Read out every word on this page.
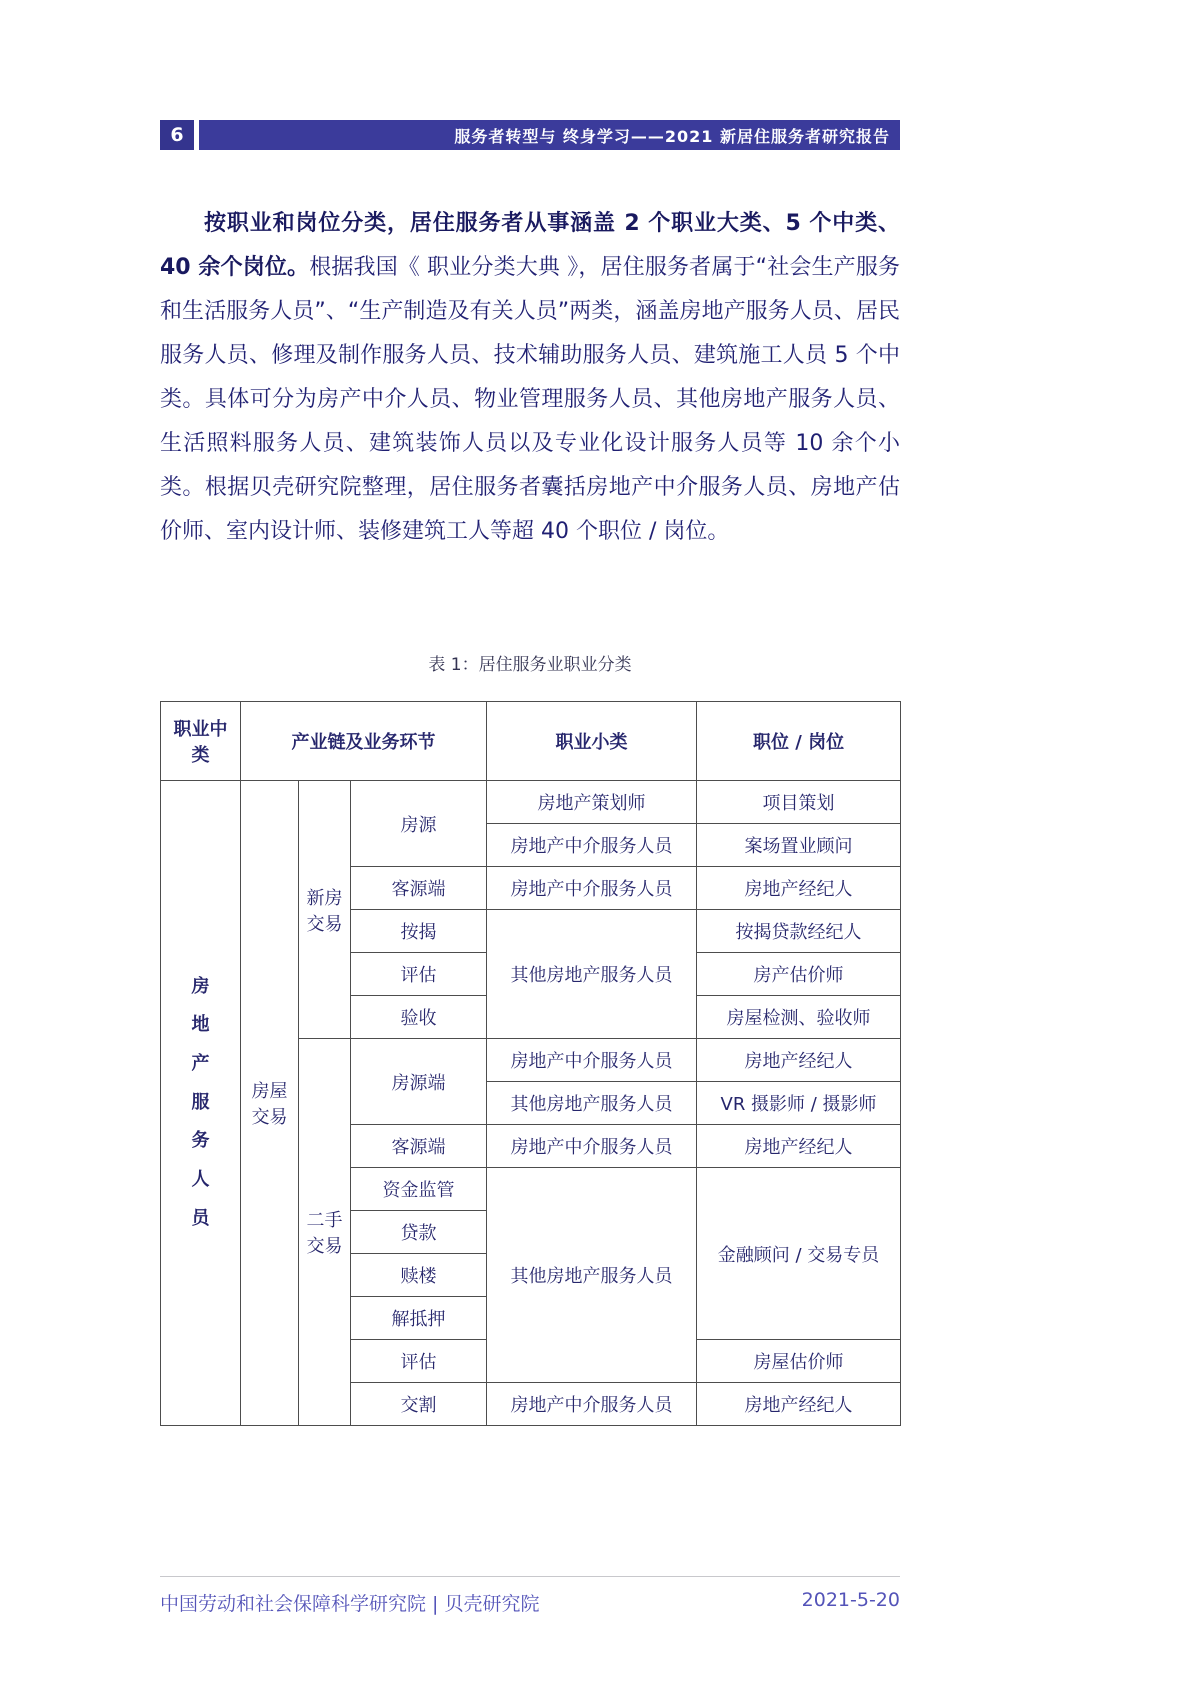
6	服务者转型与 终身学习——2021 新居住服务者研究报告

按职业和岗位分类，居住服务者从事涵盖 2 个职业大类、5 个中类、40 余个岗位。根据我国《 职业分类大典 》，居住服务者属于“社会生产服务和生活服务人员”、“生产制造及有关人员”两类，涵盖房地产服务人员、居民服务人员、修理及制作服务人员、技术辅助服务人员、建筑施工人员 5 个中类。具体可分为房产中介人员、物业管理服务人员、其他房地产服务人员、生活照料服务人员、建筑装饰人员以及专业化设计服务人员等 10 余个小类。根据贝壳研究院整理，居住服务者囊括房地产中介服务人员、房地产估价师、室内设计师、装修建筑工人等超 40 个职位 / 岗位。

表 1：居住服务业职业分类
职业中类	产业链及业务环节			职业小类	职位 / 岗位

房地产服务人员	房屋交易	新房交易	房源	房地产策划师	项目策划
				房地产中介服务人员	案场置业顾问
			客源端	房地产中介服务人员	房地产经纪人
			按揭	其他房地产服务人员	按揭贷款经纪人
			评估		房产估价师
			验收		房屋检测、验收师
		二手交易	房源端	房地产中介服务人员	房地产经纪人
				其他房地产服务人员	VR 摄影师 / 摄影师
			客源端	房地产中介服务人员	房地产经纪人
			资金监管	其他房地产服务人员	金融顾问 / 交易专员
			贷款		
			赎楼		
			解抵押		
			评估		房屋估价师
			交割	房地产中介服务人员	房地产经纪人
中国劳动和社会保障科学研究院 | 贝壳研究院	2021-5-20
